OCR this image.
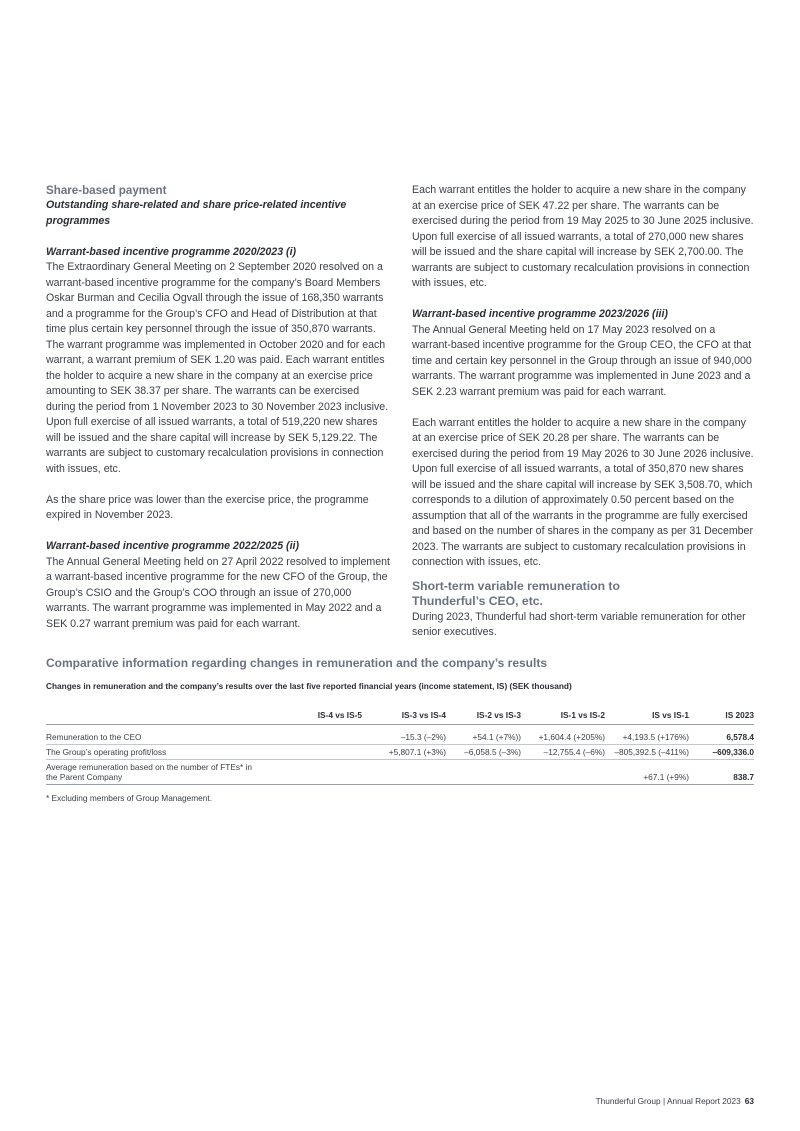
Share-based payment

Outstanding share-related and share price-related incentive programmes

Warrant-based incentive programme 2020/2023 (i)

The Extraordinary General Meeting on 2 September 2020 resolved on a warrant-based incentive programme for the company’s Board Members Oskar Burman and Cecilia Ogvall through the issue of 168,350 warrants and a programme for the Group’s CFO and Head of Distribution at that time plus certain key personnel through the issue of 350,870 warrants. The warrant programme was implemented in October 2020 and for each warrant, a warrant premium of SEK 1.20 was paid. Each warrant entitles the holder to acquire a new share in the company at an exercise price amounting to SEK 38.37 per share. The warrants can be exercised during the period from 1 November 2023 to 30 November 2023 inclusive. Upon full exercise of all issued warrants, a total of 519,220 new shares will be issued and the share capital will increase by SEK 5,129.22. The warrants are subject to customary recalculation provisions in connection with issues, etc.

As the share price was lower than the exercise price, the programme expired in November 2023.

Warrant-based incentive programme 2022/2025 (ii)

The Annual General Meeting held on 27 April 2022 resolved to implement a warrant-based incentive programme for the new CFO of the Group, the Group’s CSIO and the Group’s COO through an issue of 270,000 warrants. The warrant programme was implemented in May 2022 and a SEK 0.27 warrant premium was paid for each warrant.

Each warrant entitles the holder to acquire a new share in the company at an exercise price of SEK 47.22 per share. The warrants can be exercised during the period from 19 May 2025 to 30 June 2025 inclusive. Upon full exercise of all issued warrants, a total of 270,000 new shares will be issued and the share capital will increase by SEK 2,700.00. The warrants are subject to customary recalculation provisions in connection with issues, etc.

Warrant-based incentive programme 2023/2026 (iii)

The Annual General Meeting held on 17 May 2023 resolved on a warrant-based incentive programme for the Group CEO, the CFO at that time and certain key personnel in the Group through an issue of 940,000 warrants. The warrant programme was implemented in June 2023 and a SEK 2.23 warrant premium was paid for each warrant.

Each warrant entitles the holder to acquire a new share in the company at an exercise price of SEK 20.28 per share. The warrants can be exercised during the period from 19 May 2026 to 30 June 2026 inclusive. Upon full exercise of all issued warrants, a total of 350,870 new shares will be issued and the share capital will increase by SEK 3,508.70, which corresponds to a dilution of approximately 0.50 percent based on the assumption that all of the warrants in the programme are fully exercised and based on the number of shares in the company as per 31 December 2023. The warrants are subject to customary recalculation provisions in connection with issues, etc.

Short-term variable remuneration to
Thunderful’s CEO, etc.

During 2023, Thunderful had short-term variable remuneration for other senior executives.

Comparative information regarding changes in remuneration and the company’s results
Changes in remuneration and the company’s results over the last five reported financial years (income statement, IS) (SEK thousand)
	IS-4 vs IS-5	IS-3 vs IS-4	IS-2 vs IS-3	IS-1 vs IS-2	IS vs IS-1	IS 2023
Remuneration to the CEO		–15.3 (–2%)	+54.1 (+7%))	+1,604.4 (+205%)	+4,193.5 (+176%)	6,578.4
The Group’s operating profit/loss		+5,807.1 (+3%)	–6,058.5 (–3%)	–12,755.4 (–6%)	–805,392.5 (–411%)	–609,336.0
Average remuneration based on the number of FTEs* in
the Parent Company					+67.1 (+9%)	838.7
* Excluding members of Group Management.
Thunderful Group | Annual Report 2023 63
